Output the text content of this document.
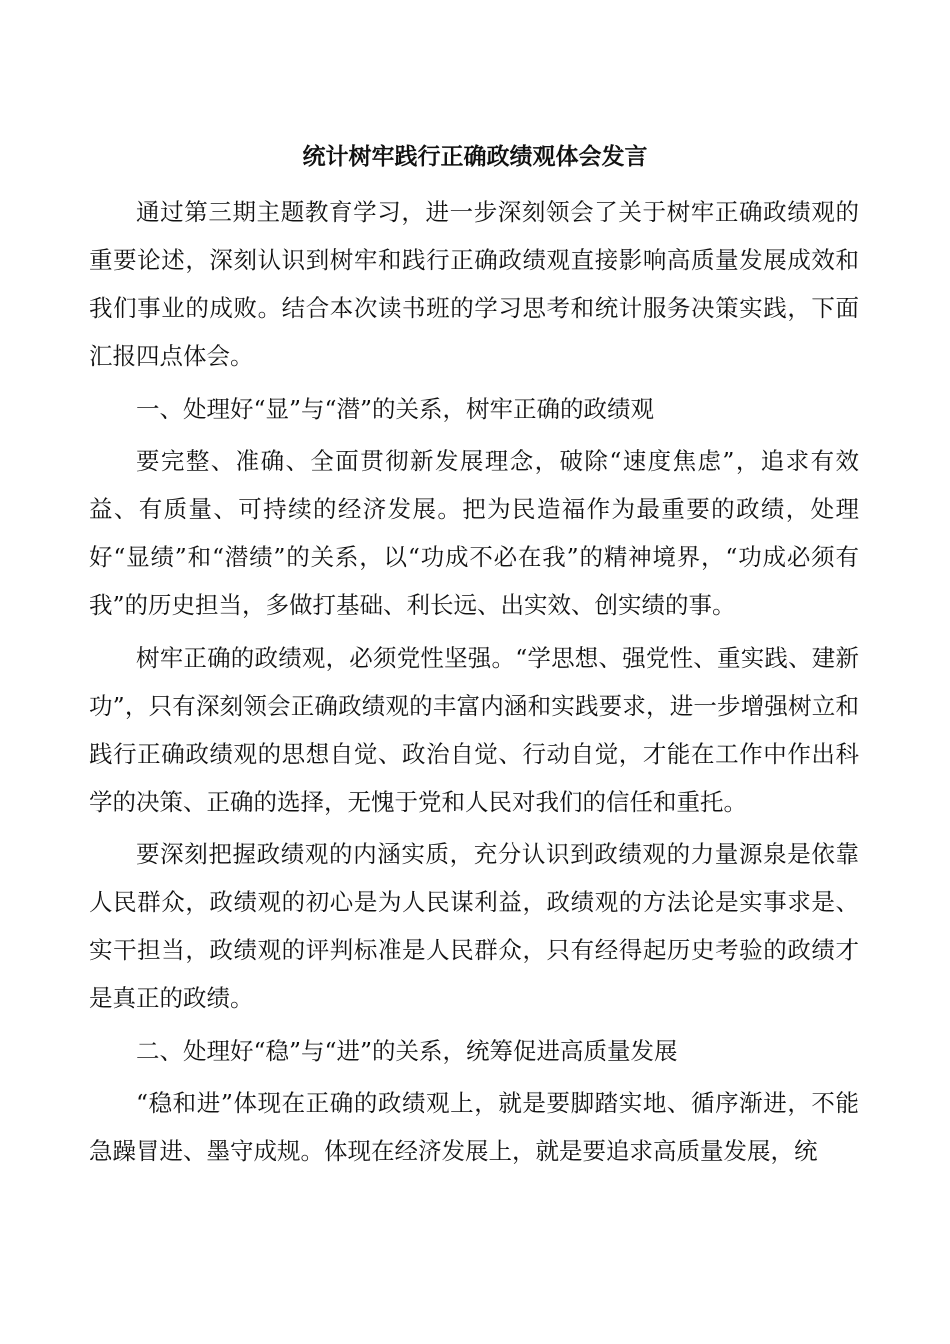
统计树牢践行正确政绩观体会发言

通过第三期主题教育学习，进一步深刻领会了关于树牢正确政绩观的重要论述，深刻认识到树牢和践行正确政绩观直接影响高质量发展成效和我们事业的成败。结合本次读书班的学习思考和统计服务决策实践，下面汇报四点体会。

一、处理好“显”与“潜”的关系，树牢正确的政绩观

要完整、准确、全面贯彻新发展理念，破除“速度焦虑”，追求有效益、有质量、可持续的经济发展。把为民造福作为最重要的政绩，处理好“显绩”和“潜绩”的关系，以“功成不必在我”的精神境界，“功成必须有我”的历史担当，多做打基础、利长远、出实效、创实绩的事。

树牢正确的政绩观，必须党性坚强。“学思想、强党性、重实践、建新功”，只有深刻领会正确政绩观的丰富内涵和实践要求，进一步增强树立和践行正确政绩观的思想自觉、政治自觉、行动自觉，才能在工作中作出科学的决策、正确的选择，无愧于党和人民对我们的信任和重托。

要深刻把握政绩观的内涵实质，充分认识到政绩观的力量源泉是依靠人民群众，政绩观的初心是为人民谋利益，政绩观的方法论是实事求是、实干担当，政绩观的评判标准是人民群众，只有经得起历史考验的政绩才是真正的政绩。

二、处理好“稳”与“进”的关系，统筹促进高质量发展

“稳和进”体现在正确的政绩观上，就是要脚踏实地、循序渐进，不能急躁冒进、墨守成规。体现在经济发展上，就是要追求高质量发展，统
